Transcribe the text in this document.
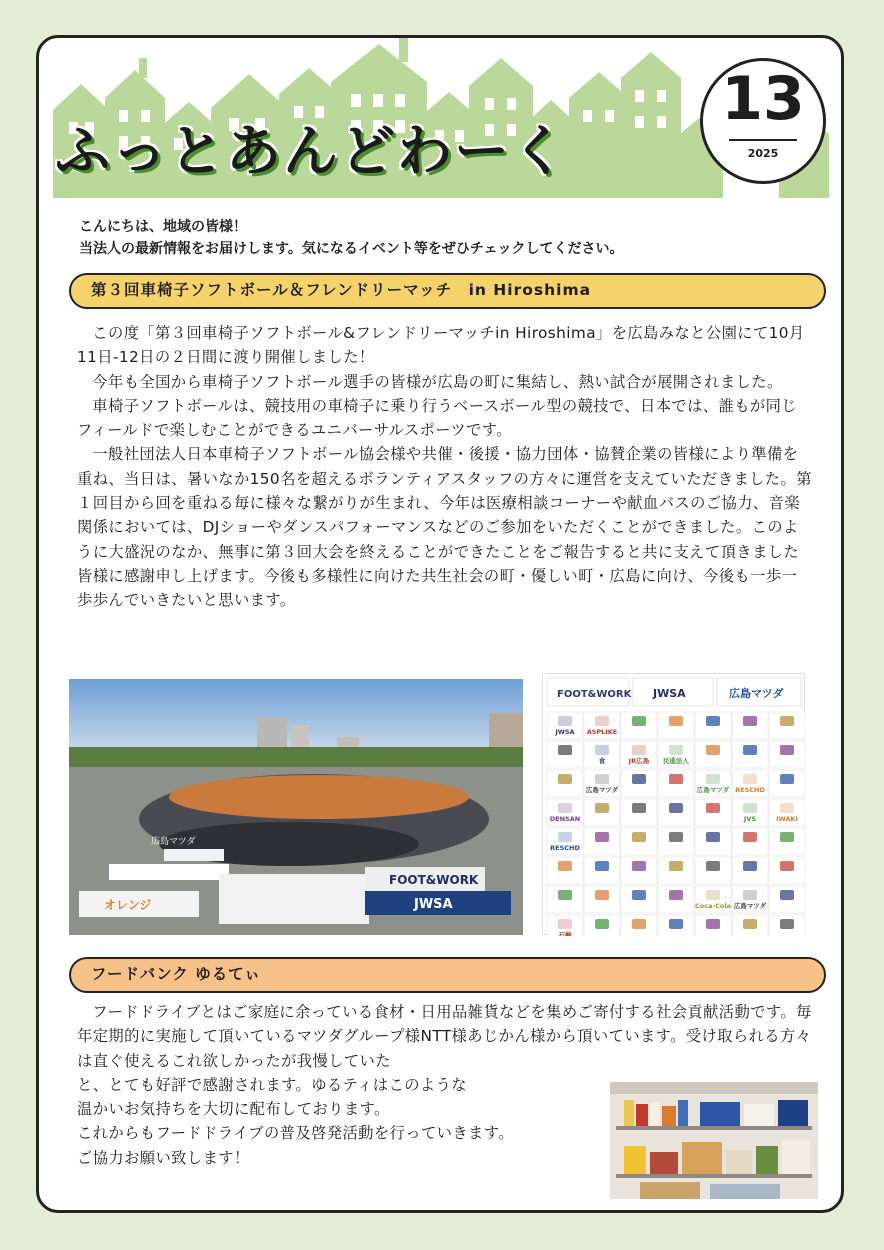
ふっとあんどわーく
13
2025
こんにちは、地域の皆様！
当法人の最新情報をお届けします。気になるイベント等をぜひチェックしてください。
第３回車椅子ソフトボール＆フレンドリーマッチ　in Hiroshima

この度「第３回車椅子ソフトボール&フレンドリーマッチin Hiroshima」を広島みなと公園にて10月11日-12日の２日間に渡り開催しました！

今年も全国から車椅子ソフトボール選手の皆様が広島の町に集結し、熱い試合が展開されました。

車椅子ソフトボールは、競技用の車椅子に乗り行うベースボール型の競技で、日本では、誰もが同じフィールドで楽しむことができるユニバーサルスポーツです。

一般社団法人日本車椅子ソフトボール協会様や共催・後援・協力団体・協賛企業の皆様により準備を重ね、当日は、暑いなか150名を超えるボランティアスタッフの方々に運営を支えていただきました。第１回目から回を重ねる毎に様々な繋がりが生まれ、今年は医療相談コーナーや献血バスのご協力、音楽関係においては、DJショーやダンスパフォーマンスなどのご参加をいただくことができました。このように大盛況のなか、無事に第３回大会を終えることができたことをご報告すると共に支えて頂きました皆様に感謝申し上げます。今後も多様性に向けた共生社会の町・優しい町・広島に向け、今後も一歩一歩歩んでいきたいと思います。

広島マツダ
FOOT&WORK
JWSA
オレンジ
FOOT&WORK JWSA	広島マツダ
JWSA ASPLIKE
食	JR広島 民進法人
広島マツダ	広島マツダ RESCHD
DENSAN	JVS	IWAKI
RESCHD
Coca-Cola 広島マツダ
石鹸
フードバンク ゆるてぃ
フードドライブとはご家庭に余っている食材・日用品雑貨などを集めご寄付する社会貢献活動です。毎年定期的に実施して頂いているマツダグループ様NTT様あじかん様から頂いています。受け取られる方々は直ぐ使えるこれ欲しかったが我慢していた
と、とても好評で感謝されます。ゆるティはこのような
温かいお気持ちを大切に配布しております。
これからもフードドライブの普及啓発活動を行っていきます。
ご協力お願い致します！
